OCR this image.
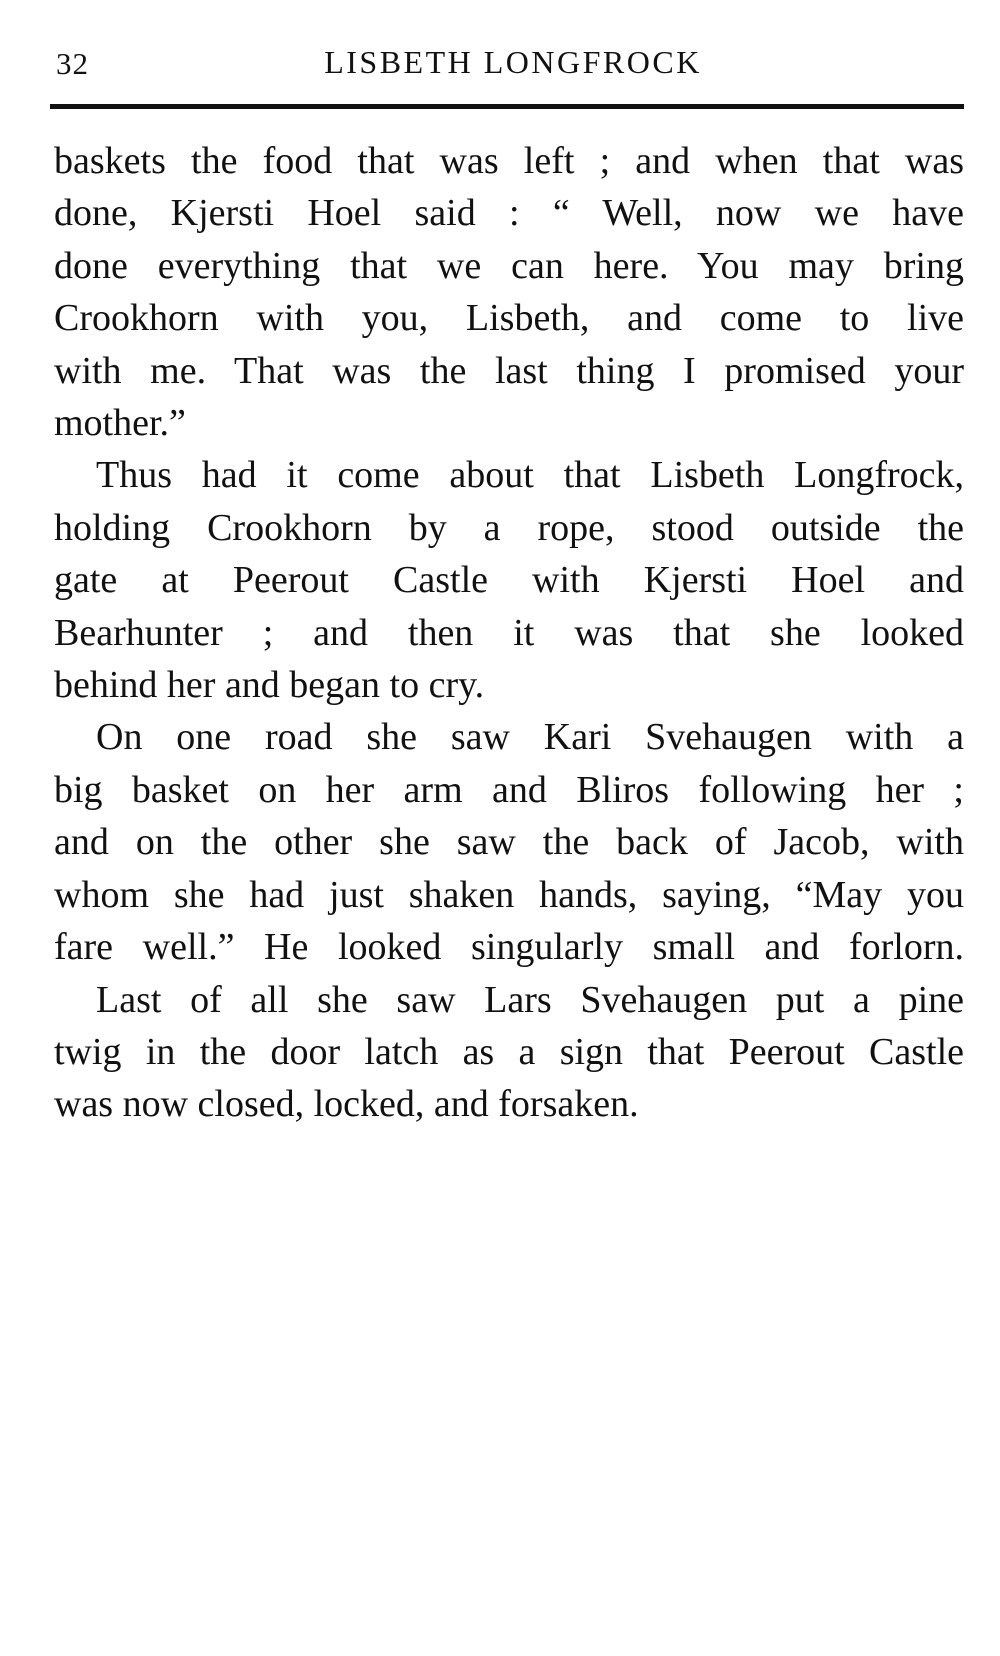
32	LISBETH LONGFROCK

baskets the food that was left ; and when that was
done, Kjersti Hoel said : “ Well, now we have
done everything that we can here. You may bring
Crookhorn with you, Lisbeth, and come to live
with me. That was the last thing I promised your
mother.”

Thus had it come about that Lisbeth Longfrock,
holding Crookhorn by a rope, stood outside the
gate at Peerout Castle with Kjersti Hoel and
Bearhunter ; and then it was that she looked
behind her and began to cry.

On one road she saw Kari Svehaugen with a
big basket on her arm and Bliros following her ;
and on the other she saw the back of Jacob, with
whom she had just shaken hands, saying, “May you
fare well.” He looked singularly small and forlorn.

Last of all she saw Lars Svehaugen put a pine
twig in the door latch as a sign that Peerout Castle
was now closed, locked, and forsaken.
